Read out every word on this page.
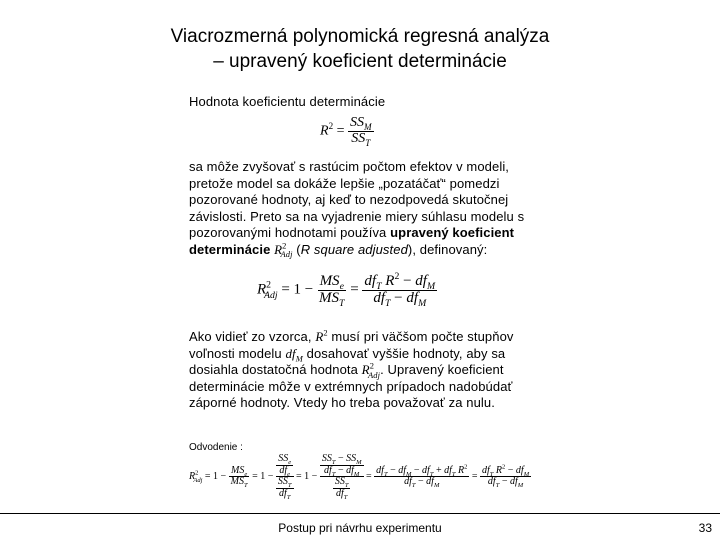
Viacrozmerná polynomická regresná analýza
– upravený koeficient determinácie
Hodnota koeficientu determinácie
$R^2 = \frac{SS_M}{SS_T}$
sa môže zvyšovať s rastúcim počtom efektov v modeli, pretože model sa dokáže lepšie „pozatáčať“ pomedzi pozorované hodnoty, aj keď to nezodpovedá skutočnej závislosti. Preto sa na vyjadrenie miery súhlasu modelu s pozorovanými hodnotami používa upravený koeficient determinácie $R^2_{Adj}$ (R square adjusted), definovaný:
$R^2_{Adj} = 1 - \frac{MS_e}{MS_T} = \frac{df_T R^2 - df_M}{df_T - df_M}$
Ako vidieť zo vzorca, $R^2$ musí pri väčšom počte stupňov voľnosti modelu $df_M$ dosahovať vyššie hodnoty, aby sa dosiahla dostatočná hodnota $R^2_{Adj}$. Upravený koeficient determinácie môže v extrémnych prípadoch nadobúdať záporné hodnoty. Vtedy ho treba považovať za nulu.
Odvodenie :
$R^2_{Adj} = 1 - \frac{MS_e}{MS_T} = 1$ −
$\frac{SS_e}{df_e}$
$\frac{SS_T}{df_T}$
= 1 −
$\frac{SS_T - SS_M}{df_T - df_M}$
$\frac{SS_T}{df_T}$
= $\frac{df_T - df_M - df_T + df_T R^2}{df_T - df_M} = \frac{df_T R^2 - df_M}{df_T - df_M}$
Postup pri návrhu experimentu	33
